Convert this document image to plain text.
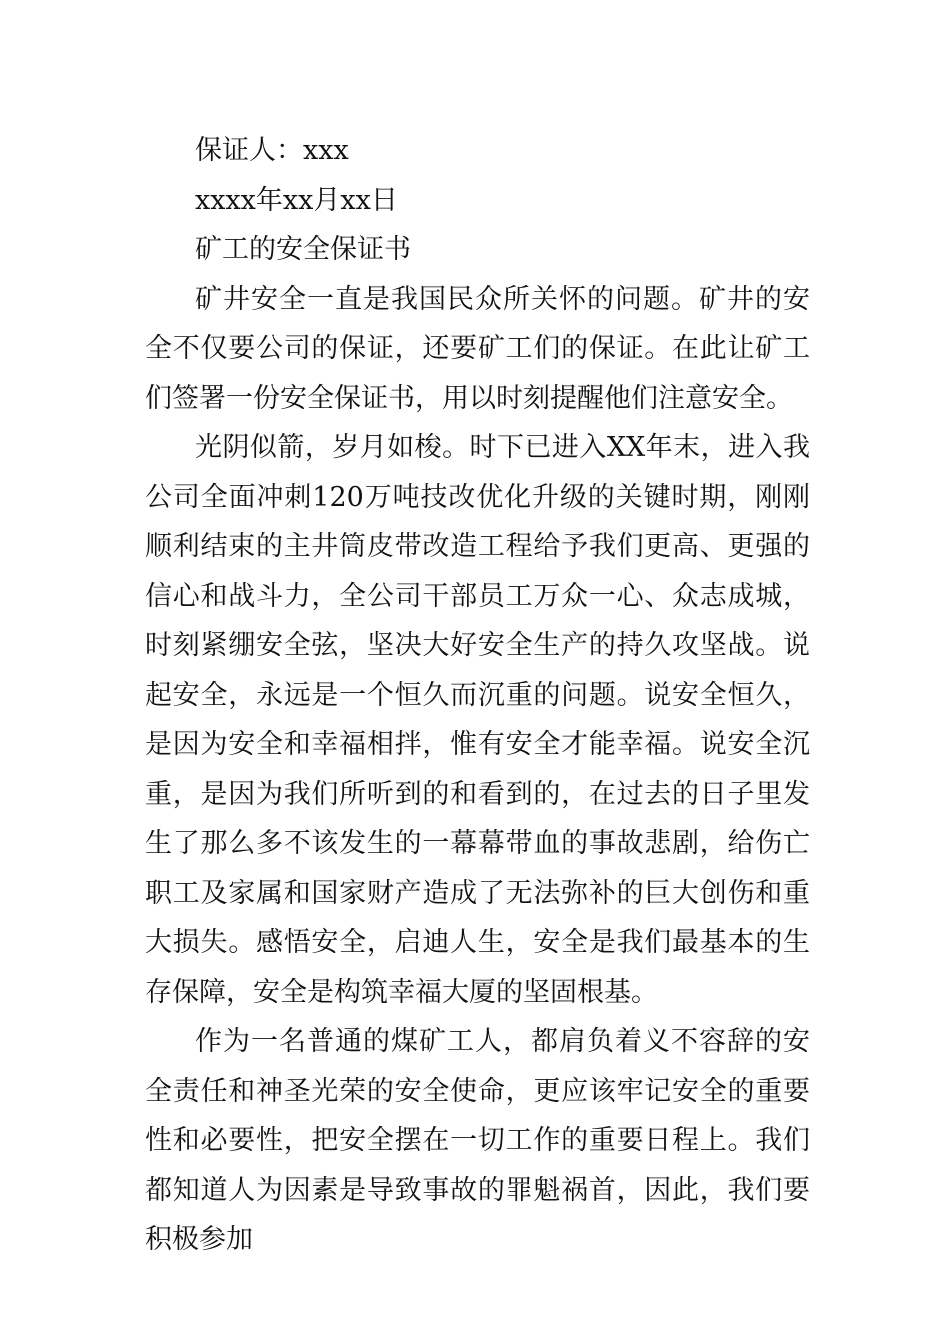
保证人：xxx
xxxx年xx月xx日
矿工的安全保证书

矿井安全一直是我国民众所关怀的问题。矿井的安全不仅要公司的保证，还要矿工们的保证。在此让矿工们签署一份安全保证书，用以时刻提醒他们注意安全。

光阴似箭，岁月如梭。时下已进入XX年末，进入我公司全面冲刺120万吨技改优化升级的关键时期，刚刚顺利结束的主井筒皮带改造工程给予我们更高、更强的信心和战斗力，全公司干部员工万众一心、众志成城，时刻紧绷安全弦，坚决大好安全生产的持久攻坚战。说起安全，永远是一个恒久而沉重的问题。说安全恒久，是因为安全和幸福相拌，惟有安全才能幸福。说安全沉重，是因为我们所听到的和看到的，在过去的日子里发生了那么多不该发生的一幕幕带血的事故悲剧，给伤亡职工及家属和国家财产造成了无法弥补的巨大创伤和重大损失。感悟安全，启迪人生，安全是我们最基本的生存保障，安全是构筑幸福大厦的坚固根基。

作为一名普通的煤矿工人，都肩负着义不容辞的安全责任和神圣光荣的安全使命，更应该牢记安全的重要性和必要性，把安全摆在一切工作的重要日程上。我们都知道人为因素是导致事故的罪魁祸首，因此，我们要积极参加
